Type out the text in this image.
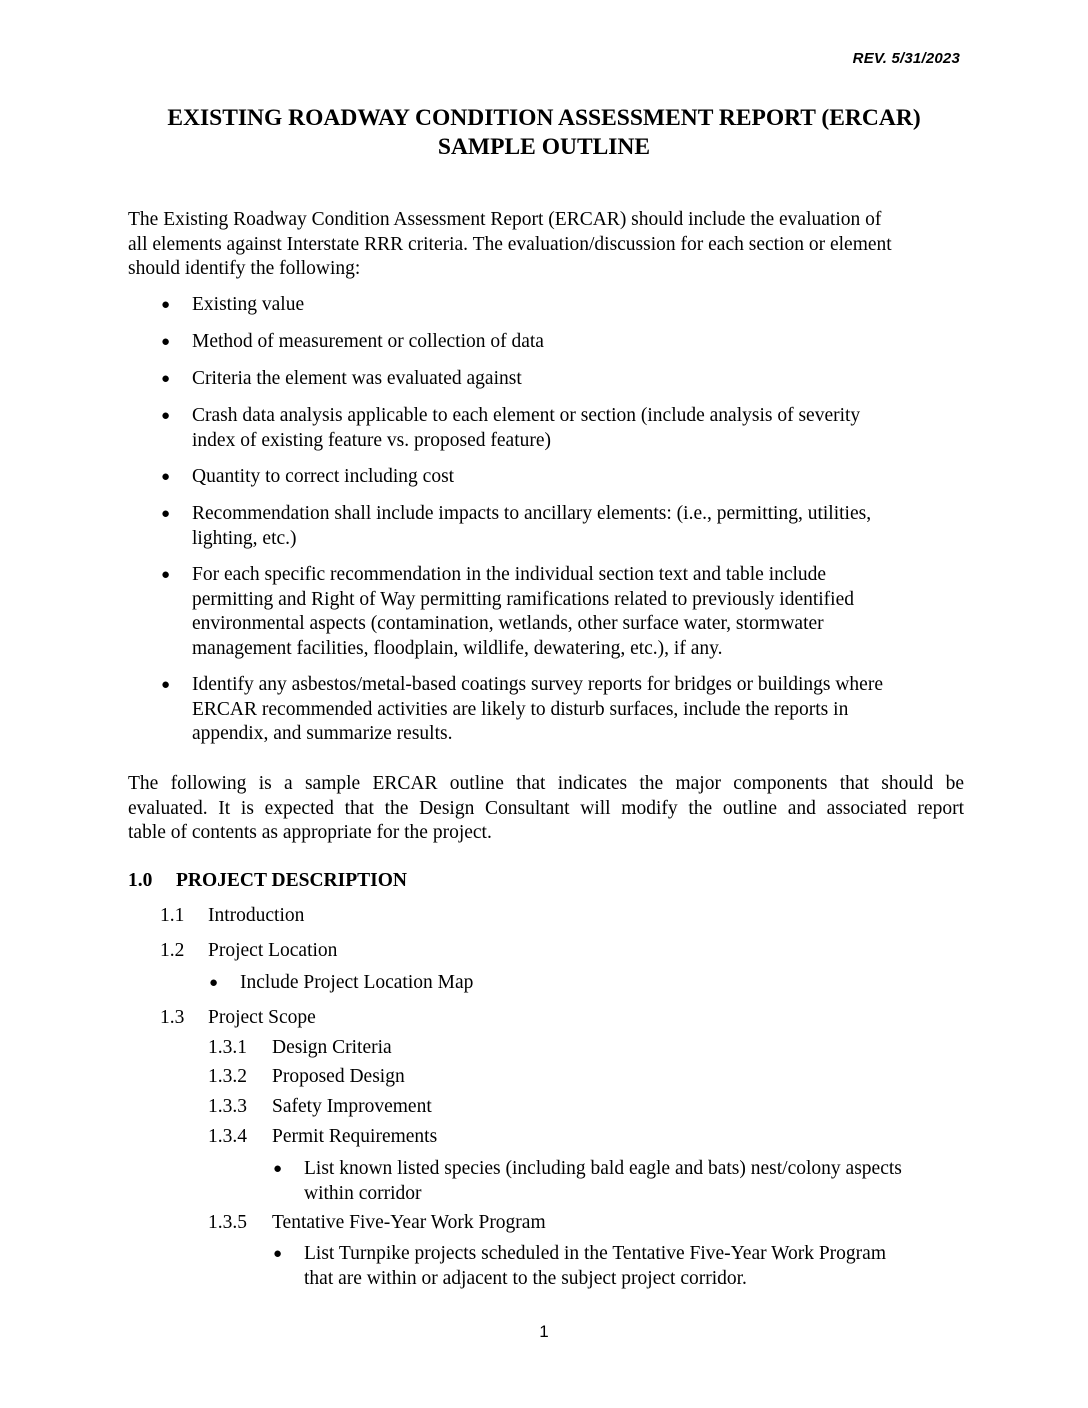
REV. 5/31/2023
EXISTING ROADWAY CONDITION ASSESSMENT REPORT (ERCAR)
SAMPLE OUTLINE
The Existing Roadway Condition Assessment Report (ERCAR) should include the evaluation of
all elements against Interstate RRR criteria. The evaluation/discussion for each section or element
should identify the following:
● Existing value
● Method of measurement or collection of data
● Criteria the element was evaluated against
● Crash data analysis applicable to each element or section (include analysis of severity
index of existing feature vs. proposed feature)
● Quantity to correct including cost
● Recommendation shall include impacts to ancillary elements: (i.e., permitting, utilities,
lighting, etc.)
● For each specific recommendation in the individual section text and table include
permitting and Right of Way permitting ramifications related to previously identified
environmental aspects (contamination, wetlands, other surface water, stormwater
management facilities, floodplain, wildlife, dewatering, etc.), if any.
● Identify any asbestos/metal-based coatings survey reports for bridges or buildings where
ERCAR recommended activities are likely to disturb surfaces, include the reports in
appendix, and summarize results.
The following is a sample ERCAR outline that indicates the major components that should be
evaluated. It is expected that the Design Consultant will modify the outline and associated report
table of contents as appropriate for the project.
1.0 PROJECT DESCRIPTION
1.1 Introduction
1.2 Project Location
● Include Project Location Map
1.3 Project Scope
1.3.1 Design Criteria
1.3.2 Proposed Design
1.3.3 Safety Improvement
1.3.4 Permit Requirements
● List known listed species (including bald eagle and bats) nest/colony aspects
within corridor
1.3.5 Tentative Five-Year Work Program
● List Turnpike projects scheduled in the Tentative Five-Year Work Program
that are within or adjacent to the subject project corridor.
1
